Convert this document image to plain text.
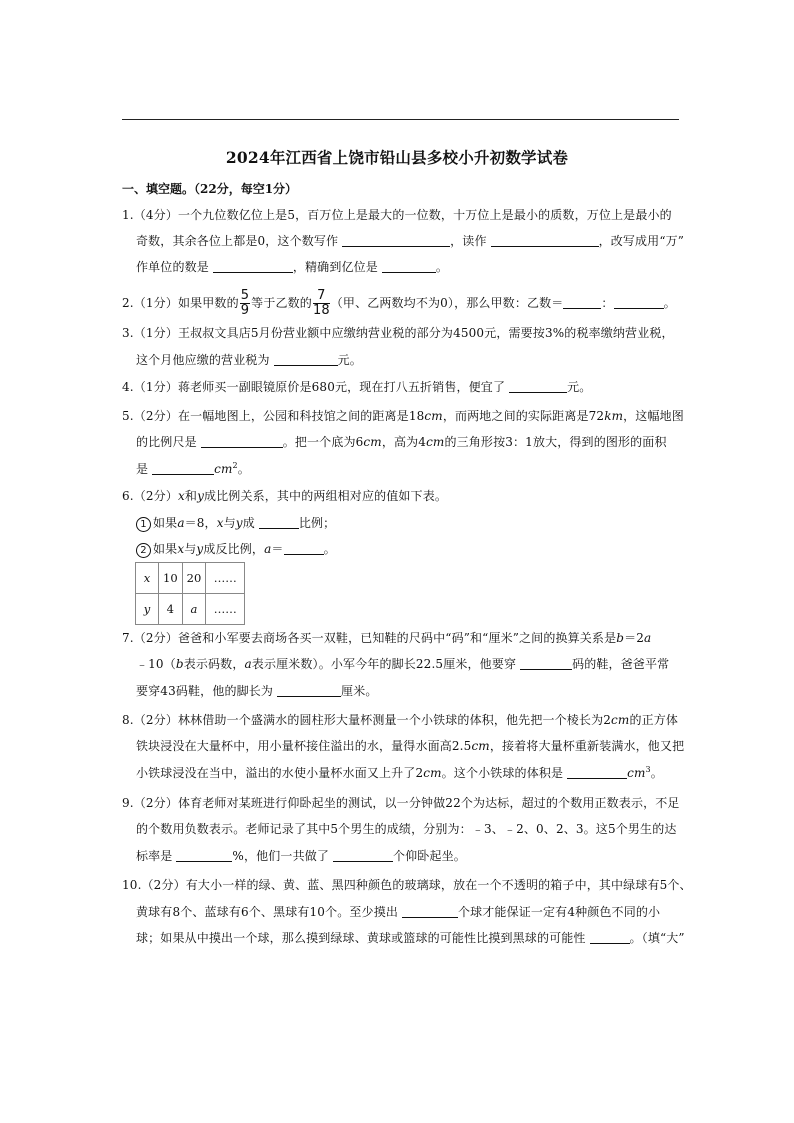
2024年江西省上饶市铅山县多校小升初数学试卷
一、填空题。（22分，每空1分）
1.（4分）一个九位数亿位上是5，百万位上是最大的一位数，十万位上是最小的质数，万位上是最小的
奇数，其余各位上都是0，这个数写作	，读作	，改写成用“万”
作单位的数是	，精确到亿位是	。
2.（1分）如果甲数的 $\frac{5}{9}$ 等于乙数的 $\frac{7}{18}$ （甲、乙两数均不为0），那么甲数：乙数＝	：	。
3.（1分）王叔叔文具店5月份营业额中应缴纳营业税的部分为4500元，需要按3%的税率缴纳营业税，
这个月他应缴的营业税为	元。
4.（1分）蒋老师买一副眼镜原价是680元，现在打八五折销售，便宜了	元。
5.（2分）在一幅地图上，公园和科技馆之间的距离是18cm，而两地之间的实际距离是72km，这幅地图
的比例尺是	。把一个底为6cm，高为4cm的三角形按3：1放大，得到的图形的面积
是	$cm^2$。
6.（2分）x和y成比例关系，其中的两组相对应的值如下表。
1 如果a＝8，x与y成	比例；
2 如果x与y成反比例，a＝	。
x	10	20	……
y	4	a	……
7.（2分）爸爸和小军要去商场各买一双鞋，已知鞋的尺码中“码”和“厘米”之间的换算关系是b＝2a
﹣10（b表示码数，a表示厘米数）。小军今年的脚长22.5厘米，他要穿	码的鞋，爸爸平常
要穿43码鞋，他的脚长为	厘米。
8.（2分）林林借助一个盛满水的圆柱形大量杯测量一个小铁球的体积，他先把一个棱长为2cm的正方体
铁块浸没在大量杯中，用小量杯接住溢出的水，量得水面高2.5cm，接着将大量杯重新装满水，他又把
小铁球浸没在当中，溢出的水使小量杯水面又上升了2cm。这个小铁球的体积是	$cm^3$。
9.（2分）体育老师对某班进行仰卧起坐的测试，以一分钟做22个为达标，超过的个数用正数表示，不足
的个数用负数表示。老师记录了其中5个男生的成绩，分别为：﹣3、﹣2、0、2、3。这5个男生的达
标率是	%，他们一共做了	个仰卧起坐。
10.（2分）有大小一样的绿、黄、蓝、黑四种颜色的玻璃球，放在一个不透明的箱子中，其中绿球有5个、
黄球有8个、蓝球有6个、黑球有10个。至少摸出	个球才能保证一定有4种颜色不同的小
球；如果从中摸出一个球，那么摸到绿球、黄球或篮球的可能性比摸到黑球的可能性	。（填“大”
